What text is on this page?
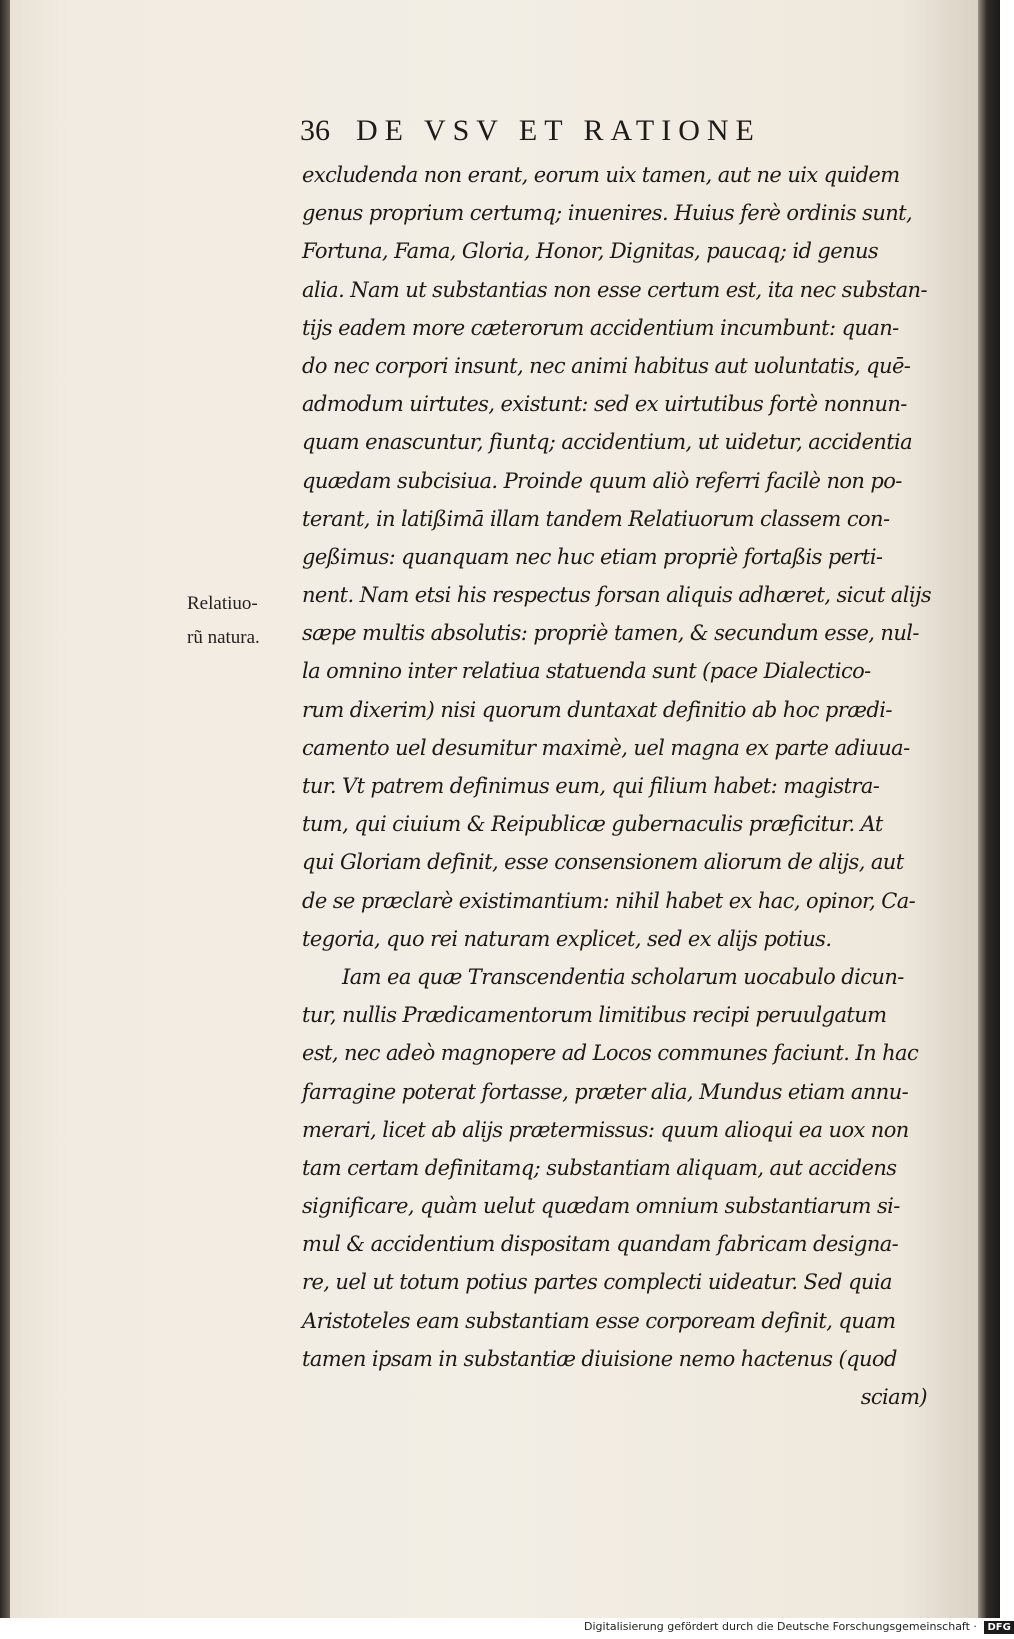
36 DE VSV ET RATIONE
Relatiuo-
rũ natura.
excludenda non erant, eorum uix tamen, aut ne uix quidem
genus proprium certumq; inuenires. Huius ferè ordinis sunt,
Fortuna, Fama, Gloria, Honor, Dignitas, paucaq; id genus
alia. Nam ut substantias non esse certum est, ita nec substan-
tijs eadem more cæterorum accidentium incumbunt: quan-
do nec corpori insunt, nec animi habitus aut uoluntatis, quē-
admodum uirtutes, existunt: sed ex uirtutibus fortè nonnun-
quam enascuntur, fiuntq; accidentium, ut uidetur, accidentia
quædam subcisiua. Proinde quum aliò referri facilè non po-
terant, in latißimā illam tandem Relatiuorum classem con-
geßimus: quanquam nec huc etiam propriè fortaßis perti-
nent. Nam etsi his respectus forsan aliquis adhæret, sicut alijs
sæpe multis absolutis: propriè tamen, & secundum esse, nul-
la omnino inter relatiua statuenda sunt (pace Dialectico-
rum dixerim) nisi quorum duntaxat definitio ab hoc prædi-
camento uel desumitur maximè, uel magna ex parte adiuua-
tur. Vt patrem definimus eum, qui filium habet: magistra-
tum, qui ciuium & Reipublicæ gubernaculis præficitur. At
qui Gloriam definit, esse consensionem aliorum de alijs, aut
de se præclarè existimantium: nihil habet ex hac, opinor, Ca-
tegoria, quo rei naturam explicet, sed ex alijs potius.
Iam ea quæ Transcendentia scholarum uocabulo dicun-
tur, nullis Prædicamentorum limitibus recipi peruulgatum
est, nec adeò magnopere ad Locos communes faciunt. In hac
farragine poterat fortasse, præter alia, Mundus etiam annu-
merari, licet ab alijs prætermissus: quum alioqui ea uox non
tam certam definitamq; substantiam aliquam, aut accidens
significare, quàm uelut quædam omnium substantiarum si-
mul & accidentium dispositam quandam fabricam designa-
re, uel ut totum potius partes complecti uideatur. Sed quia
Aristoteles eam substantiam esse corpoream definit, quam
tamen ipsam in substantiæ diuisione nemo hactenus (quod
sciam)
Digitalisierung gefördert durch die Deutsche Forschungsgemeinschaft · DFG
